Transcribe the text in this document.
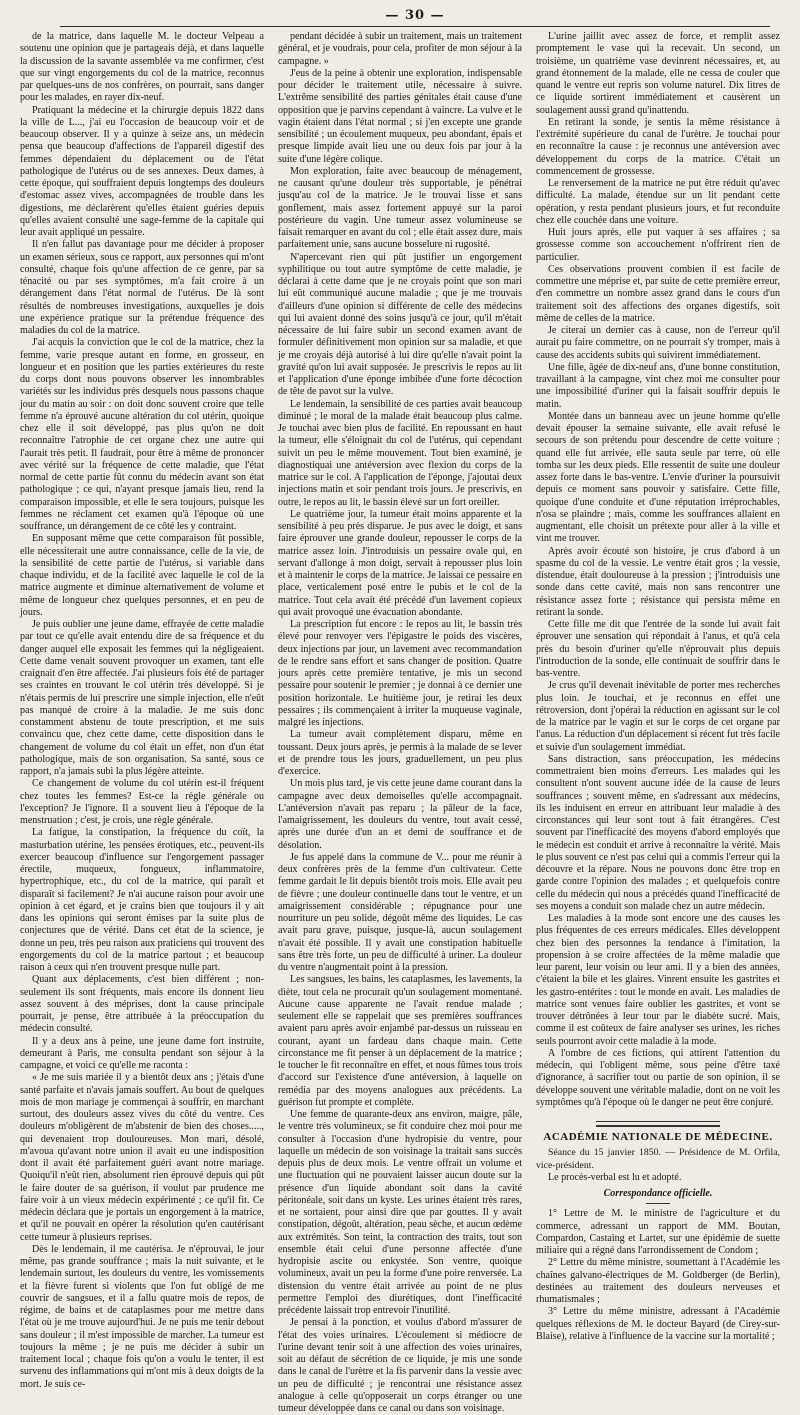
— 30 —

de la matrice, dans laquelle M. le docteur Velpeau a soutenu une opinion que je partageais déjà, et dans laquelle la discussion de la savante assemblée va me confirmer, c'est que sur vingt engorgements du col de la matrice, reconnus par quelques-uns de nos confrères, on pourrait, sans danger pour les malades, en rayer dix-neuf.

Pratiquant la médecine et la chirurgie depuis 1822 dans la ville de L..., j'ai eu l'occasion de beaucoup voir et de beaucoup observer. Il y a quinze à seize ans, un médecin pensa que beaucoup d'affections de l'appareil digestif des femmes dépendaient du déplacement ou de l'état pathologique de l'utérus ou de ses annexes. Deux dames, à cette époque, qui souffraient depuis longtemps des douleurs d'estomac assez vives, accompagnées de trouble dans les digestions, me déclarèrent qu'elles étaient guéries depuis qu'elles avaient consulté une sage-femme de la capitale qui leur avait appliqué un pessaire.

Il n'en fallut pas davantage pour me décider à proposer un examen sérieux, sous ce rapport, aux personnes qui m'ont consulté, chaque fois qu'une affection de ce genre, par sa ténacité ou par ses symptômes, m'a fait croire à un dérangement dans l'état normal de l'utérus. De là sont résultés de nombreuses investigations, auxquelles je dois une expérience pratique sur la prétendue fréquence des maladies du col de la matrice.

J'ai acquis la conviction que le col de la matrice, chez la femme, varie presque autant en forme, en grosseur, en longueur et en position que les parties extérieures du reste du corps dont nous pouvons observer les innombrables variétés sur les individus près desquels nous passons chaque jour du matin au soir : on doit donc souvent croire que telle femme n'a éprouvé aucune altération du col utérin, quoique chez elle il soit développé, pas plus qu'on ne doit reconnaître l'atrophie de cet organe chez une autre qui l'aurait très petit. Il faudrait, pour être à même de prononcer avec vérité sur la fréquence de cette maladie, que l'état normal de cette partie fût connu du médecin avant son état pathologique ; ce qui, n'ayant presque jamais lieu, rend la comparaison impossible, et elle le sera toujours, puisque les femmes ne réclament cet examen qu'à l'époque où une souffrance, un dérangement de ce côté les y contraint.

En supposant même que cette comparaison fût possible, elle nécessiterait une autre connaissance, celle de la vie, de la sensibilité de cette partie de l'utérus, si variable dans chaque individu, et de la facilité avec laquelle le col de la matrice augmente et diminue alternativement de volume et même de longueur chez quelques personnes, et en peu de jours.

Je puis oublier une jeune dame, effrayée de cette maladie par tout ce qu'elle avait entendu dire de sa fréquence et du danger auquel elle exposait les femmes qui la négligeaient. Cette dame venait souvent provoquer un examen, tant elle craignait d'en être affectée. J'ai plusieurs fois été de partager ses craintes en trouvant le col utérin très développé. Si je n'étais permis de lui prescrire une simple injection, elle n'eût pas manqué de croire à la maladie. Je me suis donc constamment abstenu de toute prescription, et me suis convaincu que, chez cette dame, cette disposition dans le changement de volume du col était un effet, non d'un état pathologique, mais de son organisation. Sa santé, sous ce rapport, n'a jamais subi la plus légère atteinte.

Ce changement de volume du col utérin est-il fréquent chez toutes les femmes? Est-ce la règle générale ou l'exception? Je l'ignore. Il a souvent lieu à l'époque de la menstruation ; c'est, je crois, une règle générale.

La fatigue, la constipation, la fréquence du coït, la masturbation utérine, les pensées érotiques, etc., peuvent-ils exercer beaucoup d'influence sur l'engorgement passager érectile, muqueux, fongueux, inflammatoire, hypertrophique, etc., du col de la matrice, qui paraît et disparaît si facilement? Je n'ai aucune raison pour avoir une opinion à cet égard, et je crains bien que toujours il y ait dans les opinions qui seront émises par la suite plus de conjectures que de vérité. Dans cet état de la science, je donne un peu, très peu raison aux praticiens qui trouvent des engorgements du col de la matrice partout ; et beaucoup raison à ceux qui n'en trouvent presque nulle part.

Quant aux déplacements, c'est bien différent ; non-seulement ils sont fréquents, mais encore ils donnent lieu assez souvent à des méprises, dont la cause principale pourrait, je pense, être attribuée à la préoccupation du médecin consulté.

Il y a deux ans à peine, une jeune dame fort instruite, demeurant à Paris, me consulta pendant son séjour à la campagne, et voici ce qu'elle me raconta :

« Je me suis mariée il y a bientôt deux ans ; j'étais d'une santé parfaite et n'avais jamais souffert. Au bout de quelques mois de mon mariage je commençai à souffrir, en marchant surtout, des douleurs assez vives du côté du ventre. Ces douleurs m'obligèrent de m'abstenir de bien des choses....., qui devenaient trop douloureuses. Mon mari, désolé, m'avoua qu'avant notre union il avait eu une indisposition dont il avait été parfaitement guéri avant notre mariage. Quoiqu'il n'eût rien, absolument rien éprouvé depuis qui pût le faire douter de sa guérison, il voulut par prudence me faire voir à un vieux médecin expérimenté ; ce qu'il fit. Ce médecin déclara que je portais un engorgement à la matrice, et qu'il ne pouvait en opérer la résolution qu'en cautérisant cette tumeur à plusieurs reprises.

Dès le lendemain, il me cautérisa. Je n'éprouvai, le jour même, pas grande souffrance ; mais la nuit suivante, et le lendemain surtout, les douleurs du ventre, les vomissements et la fièvre furent si violents que l'on fut obligé de me couvrir de sangsues, et il a fallu quatre mois de repos, de régime, de bains et de cataplasmes pour me mettre dans l'état où je me trouve aujourd'hui. Je ne puis me tenir debout sans douleur ; il m'est impossible de marcher. La tumeur est toujours la même ; je ne puis me décider à subir un traitement local ; chaque fois qu'on a voulu le tenter, il est survenu des inflammations qui m'ont mis à deux doigts de la mort. Je suis ce-

pendant décidée à subir un traitement, mais un traitement général, et je voudrais, pour cela, profiter de mon séjour à la campagne. »

J'eus de la peine à obtenir une exploration, indispensable pour décider le traitement utile, nécessaire à suivre. L'extrême sensibilité des parties génitales était cause d'une opposition que je parvins cependant à vaincre. La vulve et le vagin étaient dans l'état normal ; si j'en excepte une grande sensibilité ; un écoulement muqueux, peu abondant, épais et presque limpide avait lieu une ou deux fois par jour à la suite d'une légère colique.

Mon exploration, faite avec beaucoup de ménagement, ne causant qu'une douleur très supportable, je pénétrai jusqu'au col de la matrice. Je le trouvai lisse et sans gonflement, mais assez fortement appuyé sur la paroi postérieure du vagin. Une tumeur assez volumineuse se faisait remarquer en avant du col ; elle était assez dure, mais parfaitement unie, sans aucune bosselure ni rugosité.

N'apercevant rien qui pût justifier un engorgement syphilitique ou tout autre symptôme de cette maladie, je déclarai à cette dame que je ne croyais point que son mari lui eût communiqué aucune maladie ; que je me trouvais d'ailleurs d'une opinion si différente de celle des médecins qui lui avaient donné des soins jusqu'à ce jour, qu'il m'était nécessaire de lui faire subir un second examen avant de formuler définitivement mon opinion sur sa maladie, et que je me croyais déjà autorisé à lui dire qu'elle n'avait point la gravité qu'on lui avait supposée. Je prescrivis le repos au lit et l'application d'une éponge imbibée d'une forte décoction de tête de pavot sur la vulve.

Le lendemain, la sensibilité de ces parties avait beaucoup diminué ; le moral de la malade était beaucoup plus calme. Je touchai avec bien plus de facilité. En repoussant en haut la tumeur, elle s'éloignait du col de l'utérus, qui cependant suivit un peu le même mouvement. Tout bien examiné, je diagnostiquai une antéversion avec flexion du corps de la matrice sur le col. A l'application de l'éponge, j'ajoutai deux injections matin et soir pendant trois jours. Je prescrivis, en outre, le repos au lit, le bassin élevé sur un fort oreiller.

Le quatrième jour, la tumeur était moins apparente et la sensibilité à peu près disparue. Je pus avec le doigt, et sans faire éprouver une grande douleur, repousser le corps de la matrice assez loin. J'introduisis un pessaire ovale qui, en servant d'allonge à mon doigt, servait à repousser plus loin et à maintenir le corps de la matrice. Je laissai ce pessaire en place, verticalement posé entre le pubis et le col de la matrice. Tout cela avait été précédé d'un lavement copieux qui avait provoqué une évacuation abondante.

La prescription fut encore : le repos au lit, le bassin très élevé pour renvoyer vers l'épigastre le poids des viscères, deux injections par jour, un lavement avec recommandation de le rendre sans effort et sans changer de position. Quatre jours après cette première tentative, je mis un second pessaire pour soutenir le premier ; je donnai à ce dernier une position horizontale. Le huitième jour, je retirai les deux pessaires ; ils commençaient à irriter la muqueuse vaginale, malgré les injections.

La tumeur avait complètement disparu, même en toussant. Deux jours après, je permis à la malade de se lever et de prendre tous les jours, graduellement, un peu plus d'exercice.

Un mois plus tard, je vis cette jeune dame courant dans la campagne avec deux demoiselles qu'elle accompagnait. L'antéversion n'avait pas reparu ; la pâleur de la face, l'amaigrissement, les douleurs du ventre, tout avait cessé, après une durée d'un an et demi de souffrance et de désolation.

Je fus appelé dans la commune de V... pour me réunir à deux confrères près de la femme d'un cultivateur. Cette femme gardait le lit depuis bientôt trois mois. Elle avait peu de fièvre ; une douleur continuelle dans tout le ventre, et un amaigrissement considérable ; répugnance pour une nourriture un peu solide, dégoût même des liquides. Le cas avait paru grave, puisque, jusque-là, aucun soulagement n'avait été possible. Il y avait une constipation habituelle sans être très forte, un peu de difficulté à uriner. La douleur du ventre n'augmentait point à la pression.

Les sangsues, les bains, les cataplasmes, les lavements, la diète, tout cela ne procurait qu'un soulagement momentané. Aucune cause apparente ne l'avait rendue malade ; seulement elle se rappelait que ses premières souffrances avaient paru après avoir enjambé par-dessus un ruisseau en courant, ayant un fardeau dans chaque main. Cette circonstance me fit penser à un déplacement de la matrice ; le toucher le fit reconnaître en effet, et nous fûmes tous trois d'accord sur l'existence d'une antéversion, à laquelle on remédia par des moyens analogues aux précédents. La guérison fut prompte et complète.

Une femme de quarante-deux ans environ, maigre, pâle, le ventre très volumineux, se fit conduire chez moi pour me consulter à l'occasion d'une hydropisie du ventre, pour laquelle un médecin de son voisinage la traitait sans succès depuis plus de deux mois. Le ventre offrait un volume et une fluctuation qui ne pouvaient laisser aucun doute sur la présence d'un liquide abondant soit dans la cavité péritonéale, soit dans un kyste. Les urines étaient très rares, et ne sortaient, pour ainsi dire que par gouttes. Il y avait constipation, dégoût, altération, peau sèche, et aucun œdème aux extrémités. Son teint, la contraction des traits, tout son ensemble était celui d'une personne affectée d'une hydropisie ascite ou enkystée. Son ventre, quoique volumineux, avait un peu la forme d'une poire renversée. La distension du ventre était arrivée au point de ne plus permettre l'emploi des diurétiques, dont l'inefficacité précédente laissait trop entrevoir l'inutilité.

Je pensai à la ponction, et voulus d'abord m'assurer de l'état des voies urinaires. L'écoulement si médiocre de l'urine devant tenir soit à une affection des voies urinaires, soit au défaut de sécrétion de ce liquide, je mis une sonde dans le canal de l'urètre et la fis parvenir dans la vessie avec un peu de difficulté ; je rencontrai une résistance assez analogue à celle qu'opposerait un corps étranger ou une tumeur développée dans ce canal ou dans son voisinage.

L'urine jaillit avec assez de force, et remplit assez promptement le vase qui la recevait. Un second, un troisième, un quatrième vase devinrent nécessaires, et, au grand étonnement de la malade, elle ne cessa de couler que quand le ventre eut repris son volume naturel. Dix litres de ce liquide sortirent immédiatement et causèrent un soulagement aussi grand qu'inattendu.

En retirant la sonde, je sentis la même résistance à l'extrémité supérieure du canal de l'urètre. Je touchai pour en reconnaître la cause : je reconnus une antéversion avec développement du corps de la matrice. C'était un commencement de grossesse.

Le renversement de la matrice ne put être réduit qu'avec difficulté. La malade, étendue sur un lit pendant cette opération, y resta pendant plusieurs jours, et fut reconduite chez elle couchée dans une voiture.

Huit jours après, elle put vaquer à ses affaires ; sa grossesse comme son accouchement n'offrirent rien de particulier.

Ces observations prouvent combien il est facile de commettre une méprise et, par suite de cette première erreur, d'en commettre un nombre assez grand dans le cours d'un traitement soit des affections des organes digestifs, soit même de celles de la matrice.

Je citerai un dernier cas à cause, non de l'erreur qu'il aurait pu faire commettre, on ne pourrait s'y tromper, mais à cause des accidents subits qui suivirent immédiatement.

Une fille, âgée de dix-neuf ans, d'une bonne constitution, travaillant à la campagne, vint chez moi me consulter pour une impossibilité d'uriner qui la faisait souffrir depuis le matin.

Montée dans un banneau avec un jeune homme qu'elle devait épouser la semaine suivante, elle avait refusé le secours de son prétendu pour descendre de cette voiture ; quand elle fut arrivée, elle sauta seule par terre, où elle tomba sur les deux pieds. Elle ressentit de suite une douleur assez forte dans le bas-ventre. L'envie d'uriner la poursuivit depuis ce moment sans pouvoir y satisfaire. Cette fille, quoique d'une conduite et d'une réputation irréprochables, n'osa se plaindre ; mais, comme les souffrances allaient en augmentant, elle choisit un prétexte pour aller à la ville et vint me trouver.

Après avoir écouté son histoire, je crus d'abord à un spasme du col de la vessie. Le ventre était gros ; la vessie, distendue, était douloureuse à la pression ; j'introduisis une sonde dans cette cavité, mais non sans rencontrer une résistance assez forte ; résistance qui persista même en retirant la sonde.

Cette fille me dit que l'entrée de la sonde lui avait fait éprouver une sensation qui répondait à l'anus, et qu'à cela près du besoin d'uriner qu'elle n'éprouvait plus depuis l'introduction de la sonde, elle continuait de souffrir dans le bas-ventre.

Je crus qu'il devenait inévitable de porter mes recherches plus loin. Je touchai, et je reconnus en effet une rétroversion, dont j'opérai la réduction en agissant sur le col de la matrice par le vagin et sur le corps de cet organe par l'anus. La réduction d'un déplacement si récent fut très facile et suivie d'un soulagement immédiat.

Sans distraction, sans préoccupation, les médecins commettraient bien moins d'erreurs. Les malades qui les consultent n'ont souvent aucune idée de la cause de leurs souffrances ; souvent même, en s'adressant aux médecins, ils les induisent en erreur en attribuant leur maladie à des circonstances qui leur sont tout à fait étrangères. C'est souvent par l'inefficacité des moyens d'abord employés que le médecin est conduit et arrive à reconnaître la vérité. Mais le plus souvent ce n'est pas celui qui a commis l'erreur qui la découvre et la répare. Nous ne pouvons donc être trop en garde contre l'opinion des malades ; et quelquefois contre celle du médecin qui nous a précédés quand l'inefficacité de ses moyens a conduit son malade chez un autre médecin.

Les maladies à la mode sont encore une des causes les plus fréquentes de ces erreurs médicales. Elles développent chez bien des personnes la tendance à l'imitation, la propension à se croire affectées de la même maladie que leur parent, leur voisin ou leur ami. Il y a bien des années, c'étaient la bile et les glaires. Vinrent ensuite les gastrites et les gastro-entérites : tout le monde en avait. Les maladies de matrice sont venues faire oublier les gastrites, et vont se trouver détrônées à leur tour par le diabète sucré. Mais, comme il est coûteux de faire analyser ses urines, les riches seuls pourront avoir cette maladie à la mode.

A l'ombre de ces fictions, qui attirent l'attention du médecin, qui l'obligent même, sous peine d'être taxé d'ignorance, à sacrifier tout ou partie de son opinion, il se développe souvent une véritable maladie, dont on ne voit les symptômes qu'à l'époque où le danger ne peut être conjuré.

ACADÉMIE NATIONALE DE MÉDECINE.

Séance du 15 janvier 1850. — Présidence de M. Orfila, vice-président.

Le procès-verbal est lu et adopté.

Correspondance officielle.

1° Lettre de M. le ministre de l'agriculture et du commerce, adressant un rapport de MM. Boutan, Compardon, Castaing et Lartet, sur une épidémie de suette miliaire qui a régné dans l'arrondissement de Condom ;

2° Lettre du même ministre, soumettant à l'Académie les chaînes galvano-électriques de M. Goldberger (de Berlin), destinées au traitement des douleurs nerveuses et rhumatismales ;

3° Lettre du même ministre, adressant à l'Académie quelques réflexions de M. le docteur Bayard (de Cirey-sur-Blaise), relative à l'influence de la vaccine sur la mortalité ;
